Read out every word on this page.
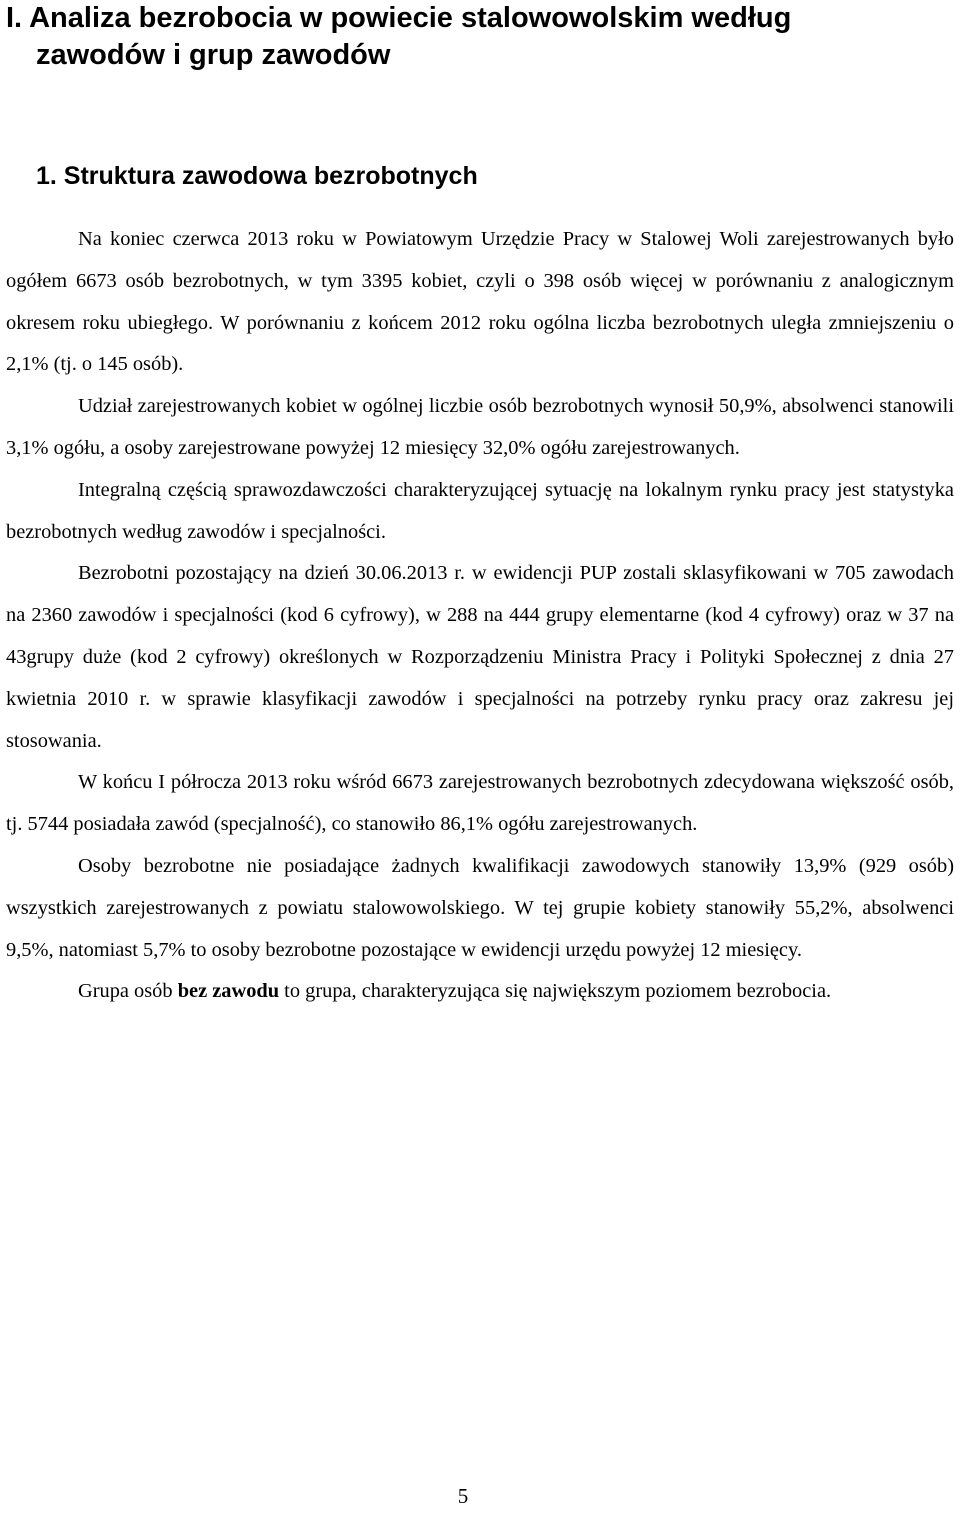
I. Analiza bezrobocia w powiecie stalowowolskim według
zawodów i grup zawodów
1. Struktura zawodowa bezrobotnych

Na koniec czerwca 2013 roku w Powiatowym Urzędzie Pracy w Stalowej Woli zarejestrowanych było ogółem 6673 osób bezrobotnych, w tym 3395 kobiet, czyli o 398 osób więcej w porównaniu z analogicznym okresem roku ubiegłego. W porównaniu z końcem 2012 roku ogólna liczba bezrobotnych uległa zmniejszeniu o 2,1% (tj. o 145 osób).

Udział zarejestrowanych kobiet w ogólnej liczbie osób bezrobotnych wynosił 50,9%, absolwenci stanowili 3,1% ogółu, a osoby zarejestrowane powyżej 12 miesięcy 32,0% ogółu zarejestrowanych.

Integralną częścią sprawozdawczości charakteryzującej sytuację na lokalnym rynku pracy jest statystyka bezrobotnych według zawodów i specjalności.

Bezrobotni pozostający na dzień 30.06.2013 r. w ewidencji PUP zostali sklasyfikowani w 705 zawodach na 2360 zawodów i specjalności (kod 6 cyfrowy), w 288 na 444 grupy elementarne (kod 4 cyfrowy) oraz w 37 na 43grupy duże (kod 2 cyfrowy) określonych w Rozporządzeniu Ministra Pracy i Polityki Społecznej z dnia 27 kwietnia 2010 r. w sprawie klasyfikacji zawodów i specjalności na potrzeby rynku pracy oraz zakresu jej stosowania.

W końcu I półrocza 2013 roku wśród 6673 zarejestrowanych bezrobotnych zdecydowana większość osób, tj. 5744 posiadała zawód (specjalność), co stanowiło 86,1% ogółu zarejestrowanych.

Osoby bezrobotne nie posiadające żadnych kwalifikacji zawodowych stanowiły 13,9% (929 osób) wszystkich zarejestrowanych z powiatu stalowowolskiego. W tej grupie kobiety stanowiły 55,2%, absolwenci 9,5%, natomiast 5,7% to osoby bezrobotne pozostające w ewidencji urzędu powyżej 12 miesięcy.

Grupa osób bez zawodu to grupa, charakteryzująca się największym poziomem bezrobocia.

5
